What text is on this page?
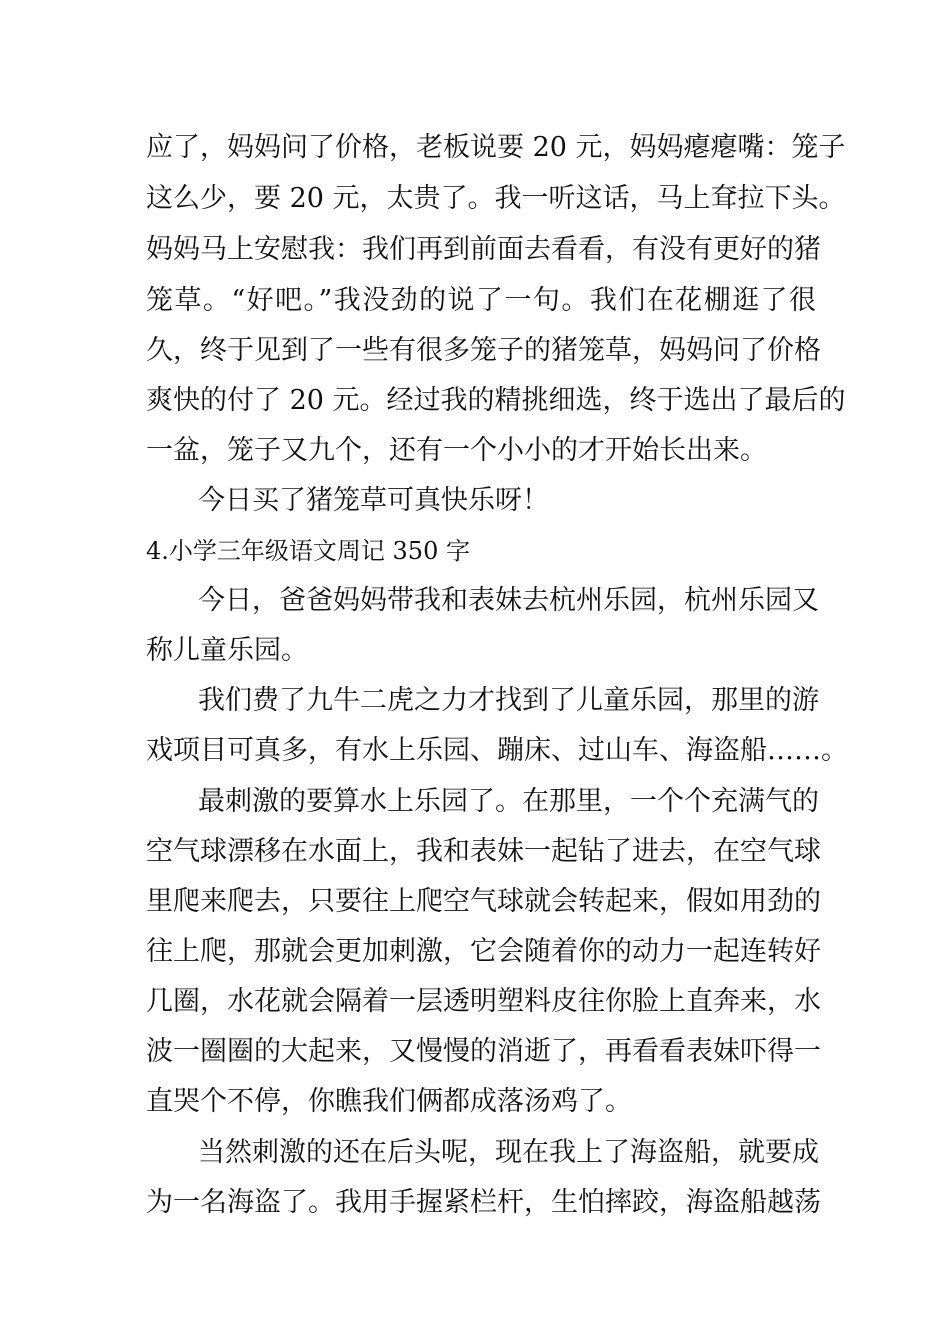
应了，妈妈问了价格，老板说要 20 元，妈妈瘪瘪嘴：笼子
这么少，要 20 元，太贵了。我一听这话，马上耷拉下头。
妈妈马上安慰我：我们再到前面去看看，有没有更好的猪
笼草。“好吧。”我没劲的说了一句。我们在花棚逛了很
久，终于见到了一些有很多笼子的猪笼草，妈妈问了价格
爽快的付了 20 元。经过我的精挑细选，终于选出了最后的
一盆，笼子又九个，还有一个小小的才开始长出来。
今日买了猪笼草可真快乐呀！
4.小学三年级语文周记 350 字
今日，爸爸妈妈带我和表妹去杭州乐园，杭州乐园又
称儿童乐园。
我们费了九牛二虎之力才找到了儿童乐园，那里的游
戏项目可真多，有水上乐园、蹦床、过山车、海盗船……。
最刺激的要算水上乐园了。在那里，一个个充满气的
空气球漂移在水面上，我和表妹一起钻了进去，在空气球
里爬来爬去，只要往上爬空气球就会转起来，假如用劲的
往上爬，那就会更加刺激，它会随着你的动力一起连转好
几圈，水花就会隔着一层透明塑料皮往你脸上直奔来，水
波一圈圈的大起来，又慢慢的消逝了，再看看表妹吓得一
直哭个不停，你瞧我们俩都成落汤鸡了。
当然刺激的还在后头呢，现在我上了海盗船，就要成
为一名海盗了。我用手握紧栏杆，生怕摔跤，海盗船越荡
